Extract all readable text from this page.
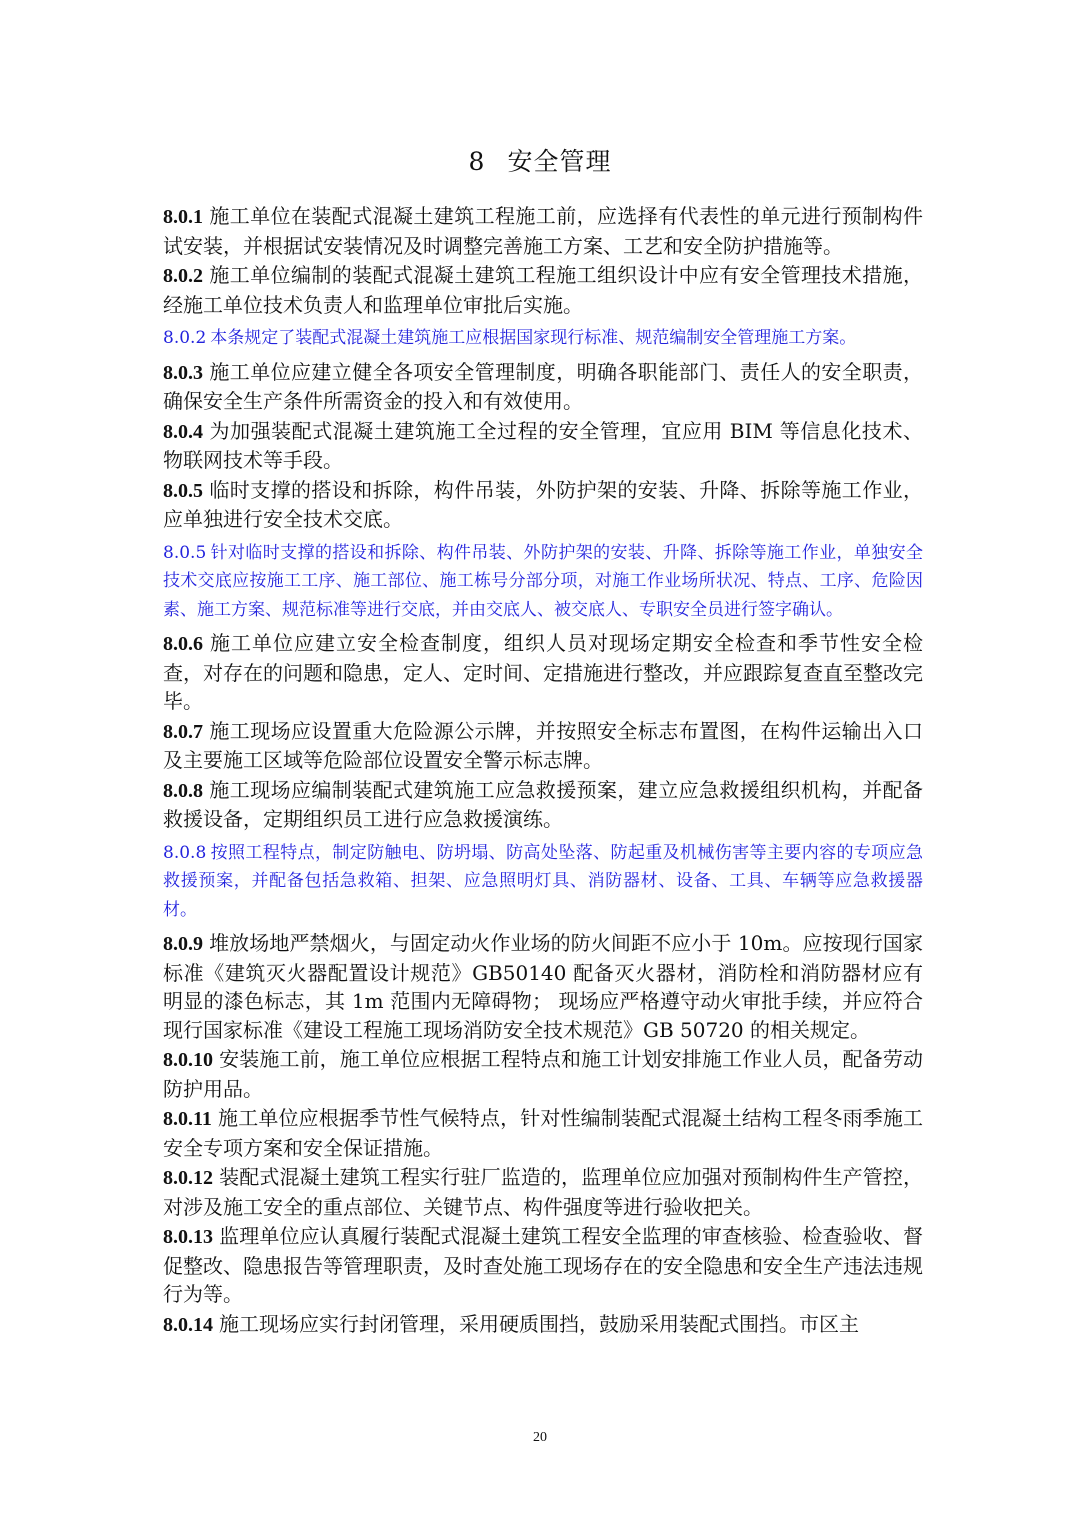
8 安全管理

8.0.1 施工单位在装配式混凝土建筑工程施工前，应选择有代表性的单元进行预制构件试安装，并根据试安装情况及时调整完善施工方案、工艺和安全防护措施等。

8.0.2 施工单位编制的装配式混凝土建筑工程施工组织设计中应有安全管理技术措施，经施工单位技术负责人和监理单位审批后实施。

8.0.2 本条规定了装配式混凝土建筑施工应根据国家现行标准、规范编制安全管理施工方案。

8.0.3 施工单位应建立健全各项安全管理制度，明确各职能部门、责任人的安全职责，确保安全生产条件所需资金的投入和有效使用。

8.0.4 为加强装配式混凝土建筑施工全过程的安全管理，宜应用 BIM 等信息化技术、物联网技术等手段。

8.0.5 临时支撑的搭设和拆除，构件吊装，外防护架的安装、升降、拆除等施工作业，应单独进行安全技术交底。

8.0.5 针对临时支撑的搭设和拆除、构件吊装、外防护架的安装、升降、拆除等施工作业，单独安全技术交底应按施工工序、施工部位、施工栋号分部分项，对施工作业场所状况、特点、工序、危险因素、施工方案、规范标准等进行交底，并由交底人、被交底人、专职安全员进行签字确认。

8.0.6 施工单位应建立安全检查制度，组织人员对现场定期安全检查和季节性安全检查，对存在的问题和隐患，定人、定时间、定措施进行整改，并应跟踪复查直至整改完毕。

8.0.7 施工现场应设置重大危险源公示牌，并按照安全标志布置图，在构件运输出入口及主要施工区域等危险部位设置安全警示标志牌。

8.0.8 施工现场应编制装配式建筑施工应急救援预案，建立应急救援组织机构，并配备救援设备，定期组织员工进行应急救援演练。

8.0.8 按照工程特点，制定防触电、防坍塌、防高处坠落、防起重及机械伤害等主要内容的专项应急救援预案，并配备包括急救箱、担架、应急照明灯具、消防器材、设备、工具、车辆等应急救援器材。

8.0.9 堆放场地严禁烟火，与固定动火作业场的防火间距不应小于 10m。应按现行国家标准《建筑灭火器配置设计规范》GB50140 配备灭火器材，消防栓和消防器材应有明显的漆色标志，其 1m 范围内无障碍物； 现场应严格遵守动火审批手续，并应符合现行国家标准《建设工程施工现场消防安全技术规范》GB 50720 的相关规定。

8.0.10 安装施工前，施工单位应根据工程特点和施工计划安排施工作业人员，配备劳动防护用品。

8.0.11 施工单位应根据季节性气候特点，针对性编制装配式混凝土结构工程冬雨季施工安全专项方案和安全保证措施。

8.0.12 装配式混凝土建筑工程实行驻厂监造的，监理单位应加强对预制构件生产管控，对涉及施工安全的重点部位、关键节点、构件强度等进行验收把关。

8.0.13 监理单位应认真履行装配式混凝土建筑工程安全监理的审查核验、检查验收、督促整改、隐患报告等管理职责，及时查处施工现场存在的安全隐患和安全生产违法违规行为等。

8.0.14 施工现场应实行封闭管理，采用硬质围挡，鼓励采用装配式围挡。市区主

20
